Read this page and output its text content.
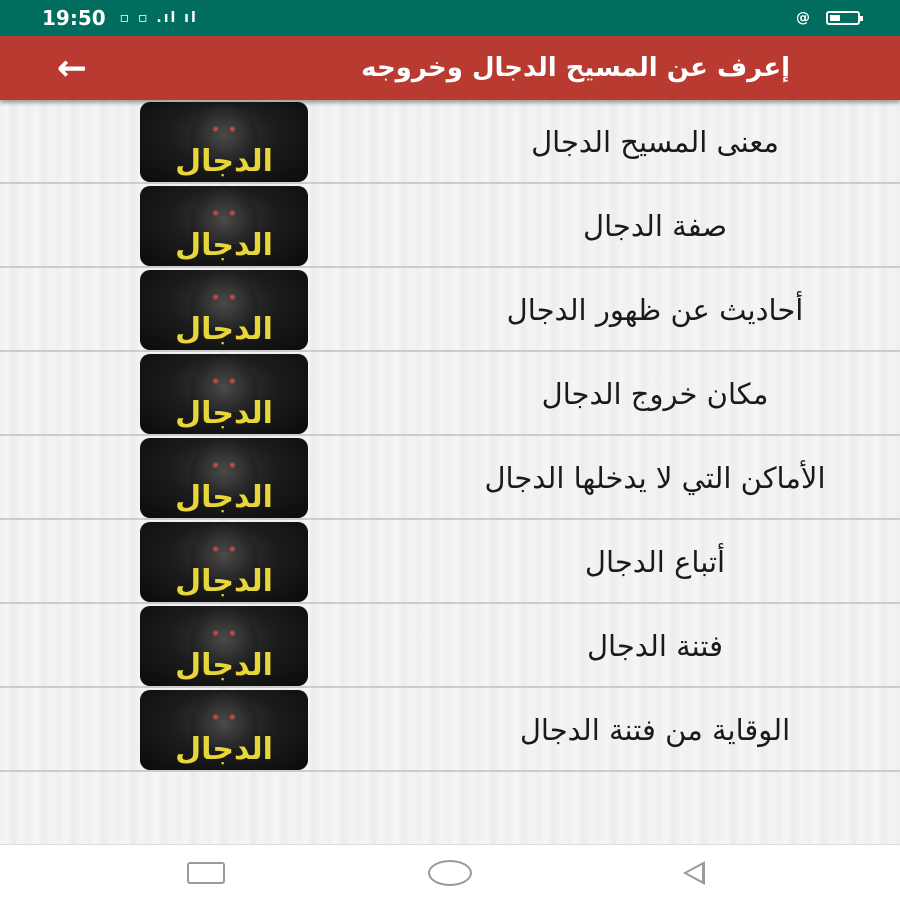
19:50 ▫ ▫ .ıl ıl	@
←	إعرف عن المسيح الدجال وخروجه
الدجال
معنى المسيح الدجال
الدجال
صفة الدجال
الدجال
أحاديث عن ظهور الدجال
الدجال
مكان خروج الدجال
الدجال
الأماكن التي لا يدخلها الدجال
الدجال
أتباع الدجال
الدجال
فتنة الدجال
الدجال
الوقاية من فتنة الدجال
